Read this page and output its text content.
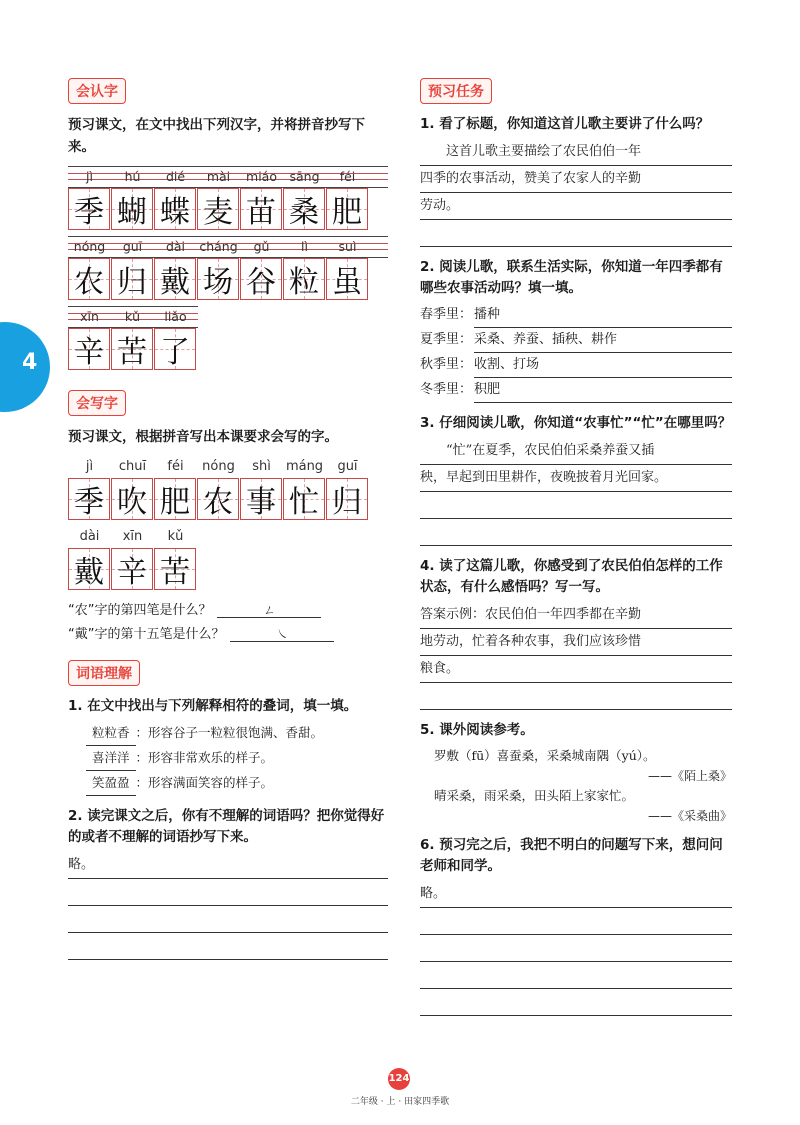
4
会认字
预习课文，在文中找出下列汉字，并将拼音抄写下来。
jì	hú	dié	mài	miáo	sāng	féi
季 蝴 蝶 麦 苗 桑 肥
nóng	guī	dài	cháng	gǔ	lì	suì
农 归 戴 场 谷 粒 虽
xīn	kǔ	liǎo
辛 苦 了
会写字
预习课文，根据拼音写出本课要求会写的字。
jì	chuī	féi	nóng	shì	máng	guī
季 吹 肥 农 事 忙 归
dài	xīn	kǔ
戴 辛 苦
“农”字的第四笔是什么？	ㄥ
“戴”字的第十五笔是什么？	㇏
词语理解
1. 在文中找出与下列解释相符的叠词，填一填。
粒粒香 ：形容谷子一粒粒很饱满、香甜。
喜洋洋 ：形容非常欢乐的样子。
笑盈盈 ：形容满面笑容的样子。
2. 读完课文之后，你有不理解的词语吗？把你觉得好的或者不理解的词语抄写下来。
略。
预习任务
1. 看了标题，你知道这首儿歌主要讲了什么吗？
这首儿歌主要描绘了农民伯伯一年
四季的农事活动，赞美了农家人的辛勤
劳动。
2. 阅读儿歌，联系生活实际，你知道一年四季都有哪些农事活动吗？填一填。
春季里： 播种
夏季里： 采桑、养蚕、插秧、耕作
秋季里： 收割、打场
冬季里： 积肥
3. 仔细阅读儿歌，你知道“农事忙”“忙”在哪里吗？
“忙”在夏季，农民伯伯采桑养蚕又插
秧，早起到田里耕作，夜晚披着月光回家。
4. 读了这篇儿歌，你感受到了农民伯伯怎样的工作状态，有什么感悟吗？写一写。
答案示例：农民伯伯一年四季都在辛勤
地劳动，忙着各种农事，我们应该珍惜
粮食。
5. 课外阅读参考。
罗敷（fū）喜蚕桑，采桑城南隅（yú）。
——《陌上桑》
晴采桑，雨采桑，田头陌上家家忙。
——《采桑曲》
6. 预习完之后，我把不明白的问题写下来，想问问老师和同学。
略。
124
二年级 · 上 · 田家四季歌
